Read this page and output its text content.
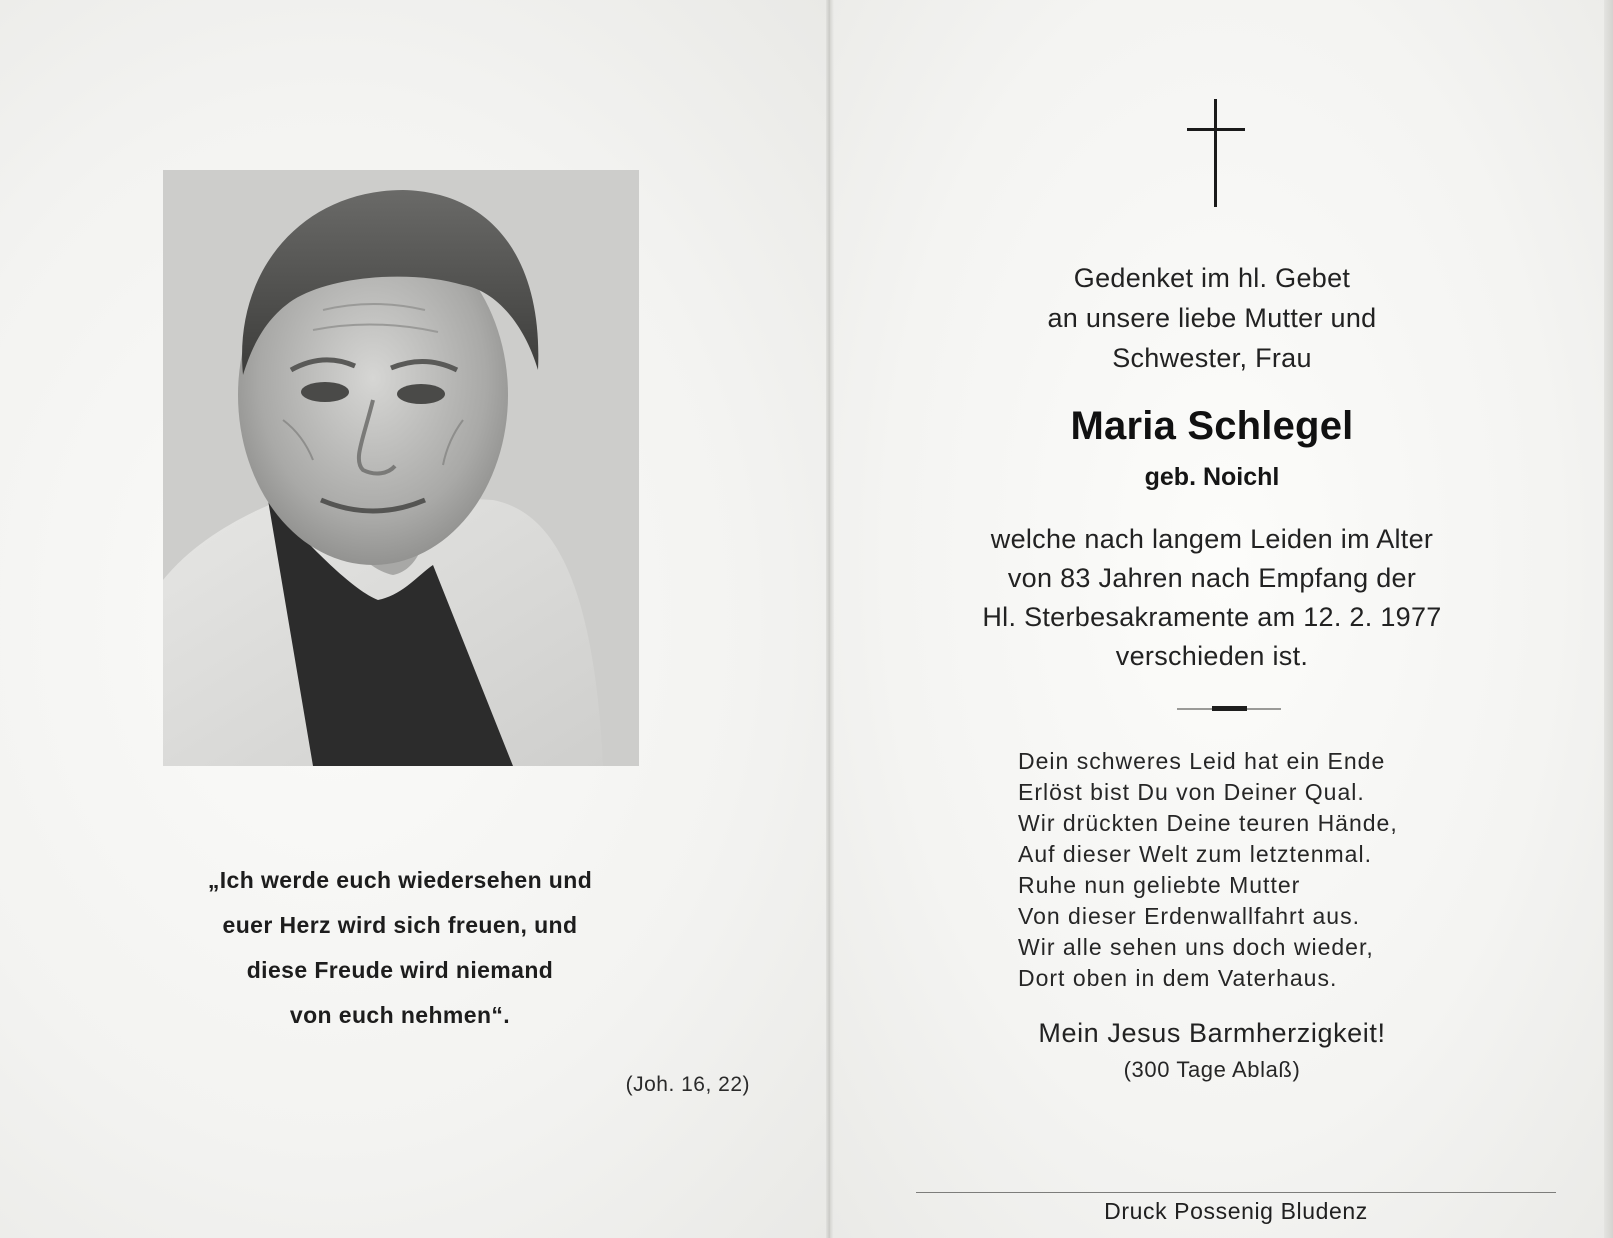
„Ich werde euch wiedersehen und
euer Herz wird sich freuen, und
diese Freude wird niemand
von euch nehmen“.
(Joh. 16, 22)
Gedenket im hl. Gebet
an unsere liebe Mutter und
Schwester, Frau
Maria Schlegel
geb. Noichl
welche nach langem Leiden im Alter
von 83 Jahren nach Empfang der
Hl. Sterbesakramente am 12. 2. 1977
verschieden ist.
Dein schweres Leid hat ein Ende
Erlöst bist Du von Deiner Qual.
Wir drückten Deine teuren Hände,
Auf dieser Welt zum letztenmal.
Ruhe nun geliebte Mutter
Von dieser Erdenwallfahrt aus.
Wir alle sehen uns doch wieder,
Dort oben in dem Vaterhaus.
Mein Jesus Barmherzigkeit!
(300 Tage Ablaß)
Druck Possenig Bludenz
